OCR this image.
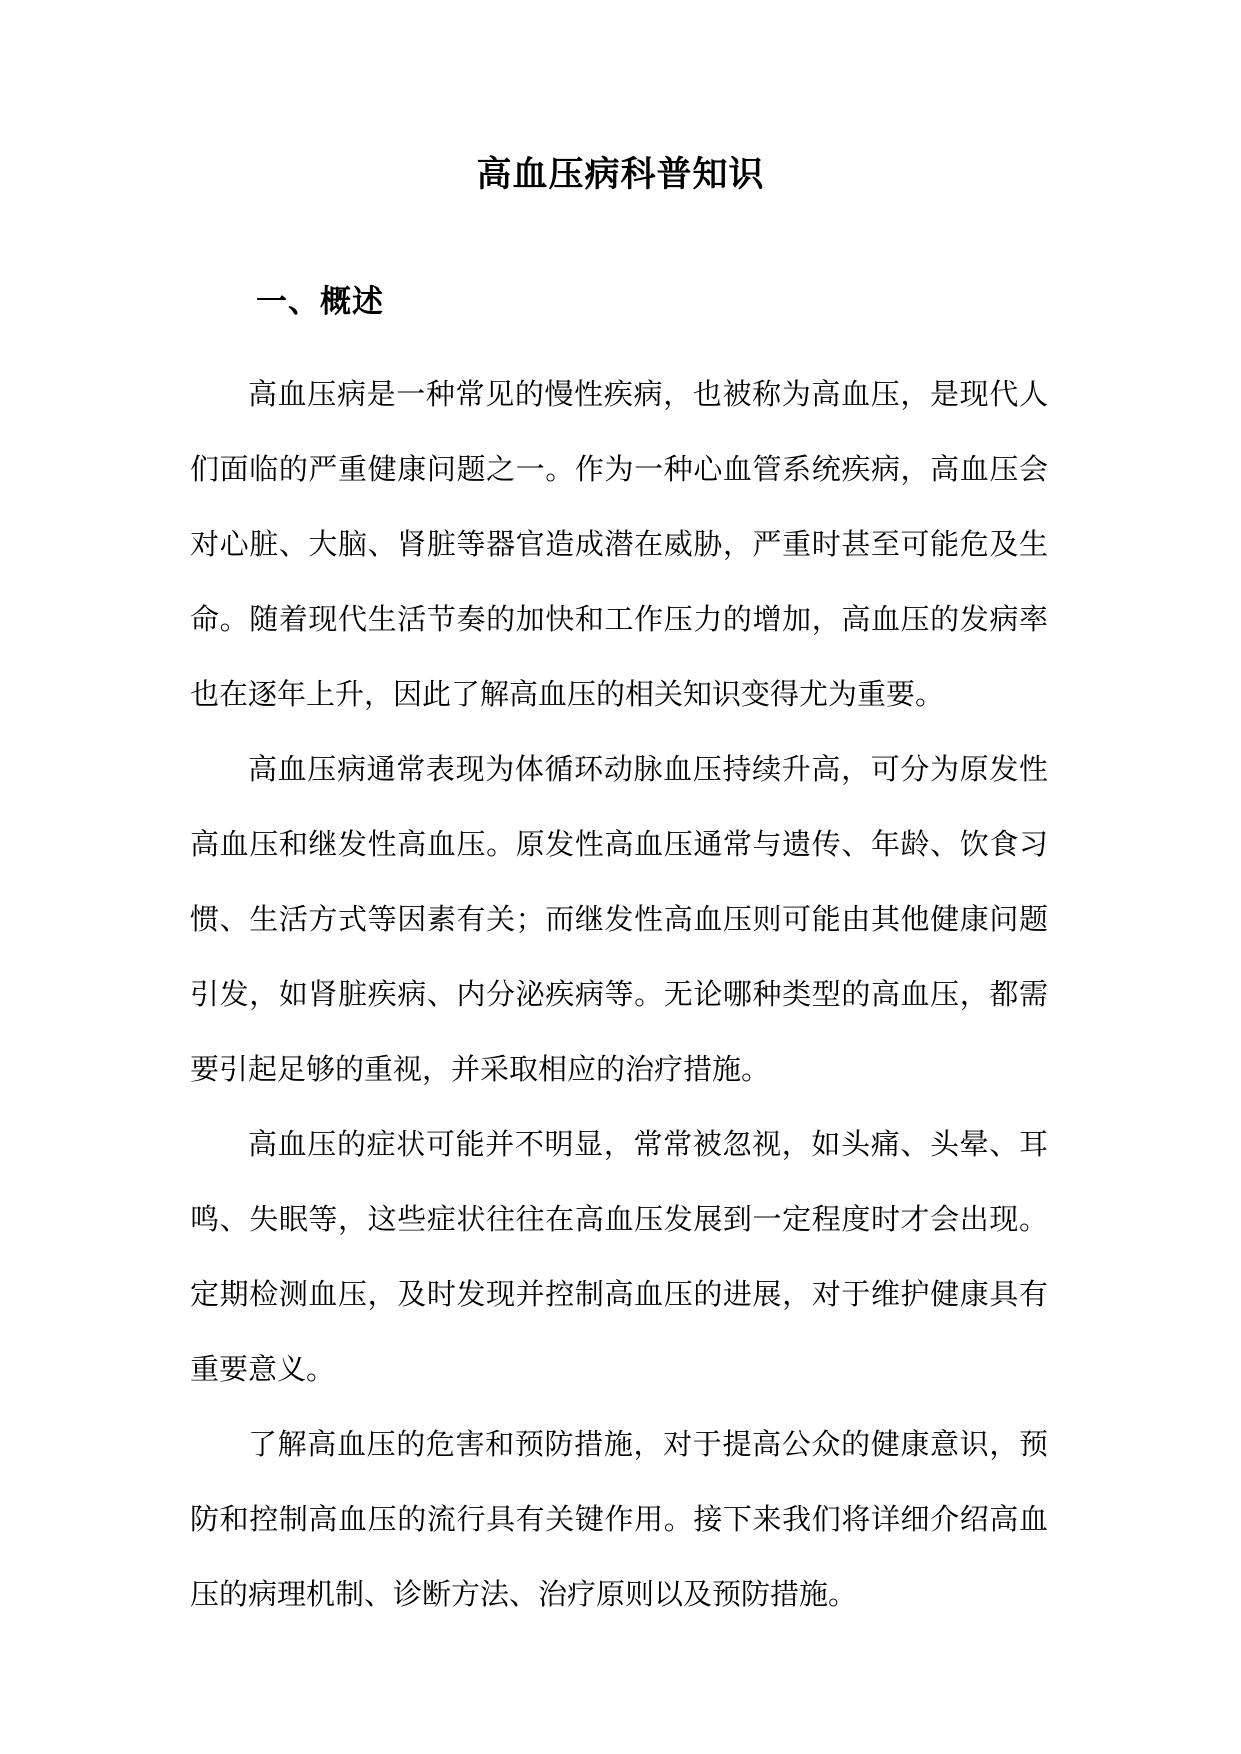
高血压病科普知识
一、概述

高血压病是一种常见的慢性疾病，也被称为高血压，是现代人们面临的严重健康问题之一。作为一种心血管系统疾病，高血压会对心脏、大脑、肾脏等器官造成潜在威胁，严重时甚至可能危及生命。随着现代生活节奏的加快和工作压力的增加，高血压的发病率也在逐年上升，因此了解高血压的相关知识变得尤为重要。

高血压病通常表现为体循环动脉血压持续升高，可分为原发性高血压和继发性高血压。原发性高血压通常与遗传、年龄、饮食习惯、生活方式等因素有关；而继发性高血压则可能由其他健康问题引发，如肾脏疾病、内分泌疾病等。无论哪种类型的高血压，都需要引起足够的重视，并采取相应的治疗措施。

高血压的症状可能并不明显，常常被忽视，如头痛、头晕、耳鸣、失眠等，这些症状往往在高血压发展到一定程度时才会出现。定期检测血压，及时发现并控制高血压的进展，对于维护健康具有重要意义。

了解高血压的危害和预防措施，对于提高公众的健康意识，预防和控制高血压的流行具有关键作用。接下来我们将详细介绍高血压的病理机制、诊断方法、治疗原则以及预防措施。
